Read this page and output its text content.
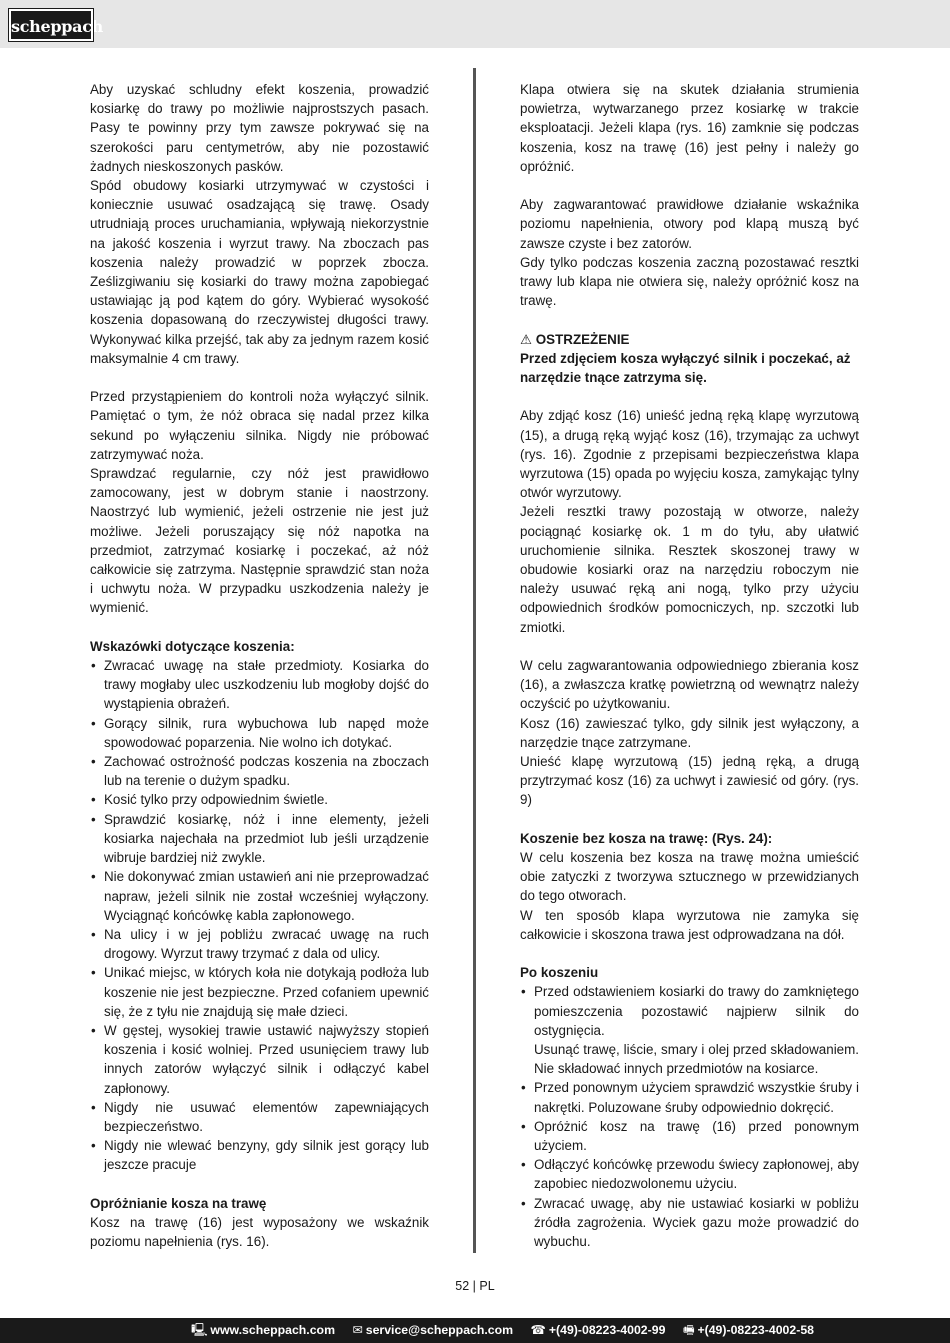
scheppach

Aby uzyskać schludny efekt koszenia, prowadzić kosiarkę do trawy po możliwie najprostszych pasach. Pasy te powinny przy tym zawsze pokrywać się na szerokości paru centymetrów, aby nie pozostawić żadnych nieskoszonych pasków.

Spód obudowy kosiarki utrzymywać w czystości i koniecznie usuwać osadzającą się trawę. Osady utrudniają proces uruchamiania, wpływają niekorzystnie na jakość koszenia i wyrzut trawy. Na zboczach pas koszenia należy prowadzić w poprzek zbocza. Ześlizgiwaniu się kosiarki do trawy można zapobiegać ustawiając ją pod kątem do góry. Wybierać wysokość koszenia dopasowaną do rzeczywistej długości trawy. Wykonywać kilka przejść, tak aby za jednym razem kosić maksymalnie 4 cm trawy.

Przed przystąpieniem do kontroli noża wyłączyć silnik. Pamiętać o tym, że nóż obraca się nadal przez kilka sekund po wyłączeniu silnika. Nigdy nie próbować zatrzymywać noża.

Sprawdzać regularnie, czy nóż jest prawidłowo zamocowany, jest w dobrym stanie i naostrzony. Naostrzyć lub wymienić, jeżeli ostrzenie nie jest już możliwe. Jeżeli poruszający się nóż napotka na przedmiot, zatrzymać kosiarkę i poczekać, aż nóż całkowicie się zatrzyma. Następnie sprawdzić stan noża i uchwytu noża. W przypadku uszkodzenia należy je wymienić.

Wskazówki dotyczące koszenia:

• Zwracać uwagę na stałe przedmioty. Kosiarka do trawy mogłaby ulec uszkodzeniu lub mogłoby dojść do wystąpienia obrażeń.
• Gorący silnik, rura wybuchowa lub napęd może spowodować poparzenia. Nie wolno ich dotykać.
• Zachować ostrożność podczas koszenia na zboczach lub na terenie o dużym spadku.
• Kosić tylko przy odpowiednim świetle.
• Sprawdzić kosiarkę, nóż i inne elementy, jeżeli kosiarka najechała na przedmiot lub jeśli urządzenie wibruje bardziej niż zwykle.
• Nie dokonywać zmian ustawień ani nie przeprowadzać napraw, jeżeli silnik nie został wcześniej wyłączony. Wyciągnąć końcówkę kabla zapłonowego.
• Na ulicy i w jej pobliżu zwracać uwagę na ruch drogowy. Wyrzut trawy trzymać z dala od ulicy.
• Unikać miejsc, w których koła nie dotykają podłoża lub koszenie nie jest bezpieczne. Przed cofaniem upewnić się, że z tyłu nie znajdują się małe dzieci.
• W gęstej, wysokiej trawie ustawić najwyższy stopień koszenia i kosić wolniej. Przed usunięciem trawy lub innych zatorów wyłączyć silnik i odłączyć kabel zapłonowy.
• Nigdy nie usuwać elementów zapewniających bezpieczeństwo.
• Nigdy nie wlewać benzyny, gdy silnik jest gorący lub jeszcze pracuje

Opróżnianie kosza na trawę

Kosz na trawę (16) jest wyposażony we wskaźnik poziomu napełnienia (rys. 16).

Klapa otwiera się na skutek działania strumienia powietrza, wytwarzanego przez kosiarkę w trakcie eksploatacji. Jeżeli klapa (rys. 16) zamknie się podczas koszenia, kosz na trawę (16) jest pełny i należy go opróżnić.

Aby zagwarantować prawidłowe działanie wskaźnika poziomu napełnienia, otwory pod klapą muszą być zawsze czyste i bez zatorów.

Gdy tylko podczas koszenia zaczną pozostawać resztki trawy lub klapa nie otwiera się, należy opróżnić kosz na trawę.

⚠ OSTRZEŻENIE

Przed zdjęciem kosza wyłączyć silnik i poczekać, aż narzędzie tnące zatrzyma się.

Aby zdjąć kosz (16) unieść jedną ręką klapę wyrzutową (15), a drugą ręką wyjąć kosz (16), trzymając za uchwyt (rys. 16). Zgodnie z przepisami bezpieczeństwa klapa wyrzutowa (15) opada po wyjęciu kosza, zamykając tylny otwór wyrzutowy.

Jeżeli resztki trawy pozostają w otworze, należy pociągnąć kosiarkę ok. 1 m do tyłu, aby ułatwić uruchomienie silnika. Resztek skoszonej trawy w obudowie kosiarki oraz na narzędziu roboczym nie należy usuwać ręką ani nogą, tylko przy użyciu odpowiednich środków pomocniczych, np. szczotki lub zmiotki.

W celu zagwarantowania odpowiedniego zbierania kosz (16), a zwłaszcza kratkę powietrzną od wewnątrz należy oczyścić po użytkowaniu.

Kosz (16) zawieszać tylko, gdy silnik jest wyłączony, a narzędzie tnące zatrzymane.

Unieść klapę wyrzutową (15) jedną ręką, a drugą przytrzymać kosz (16) za uchwyt i zawiesić od góry. (rys. 9)

Koszenie bez kosza na trawę: (Rys. 24):

W celu koszenia bez kosza na trawę można umieścić obie zatyczki z tworzywa sztucznego w przewidzianych do tego otworach.

W ten sposób klapa wyrzutowa nie zamyka się całkowicie i skoszona trawa jest odprowadzana na dół.

Po koszeniu

• Przed odstawieniem kosiarki do trawy do zamkniętego pomieszczenia pozostawić najpierw silnik do ostygnięcia.
Usunąć trawę, liście, smary i olej przed składowaniem. Nie składować innych przedmiotów na kosiarce.
• Przed ponownym użyciem sprawdzić wszystkie śruby i nakrętki. Poluzowane śruby odpowiednio dokręcić.
• Opróżnić kosz na trawę (16) przed ponownym użyciem.
• Odłączyć końcówkę przewodu świecy zapłonowej, aby zapobiec niedozwolonemu użyciu.
• Zwracać uwagę, aby nie ustawiać kosiarki w pobliżu źródła zagrożenia. Wyciek gazu może prowadzić do wybuchu.
52 | PL
🖳 www.scheppach.com ✉ service@scheppach.com ☎ +(49)-08223-4002-99 🖷 +(49)-08223-4002-58
